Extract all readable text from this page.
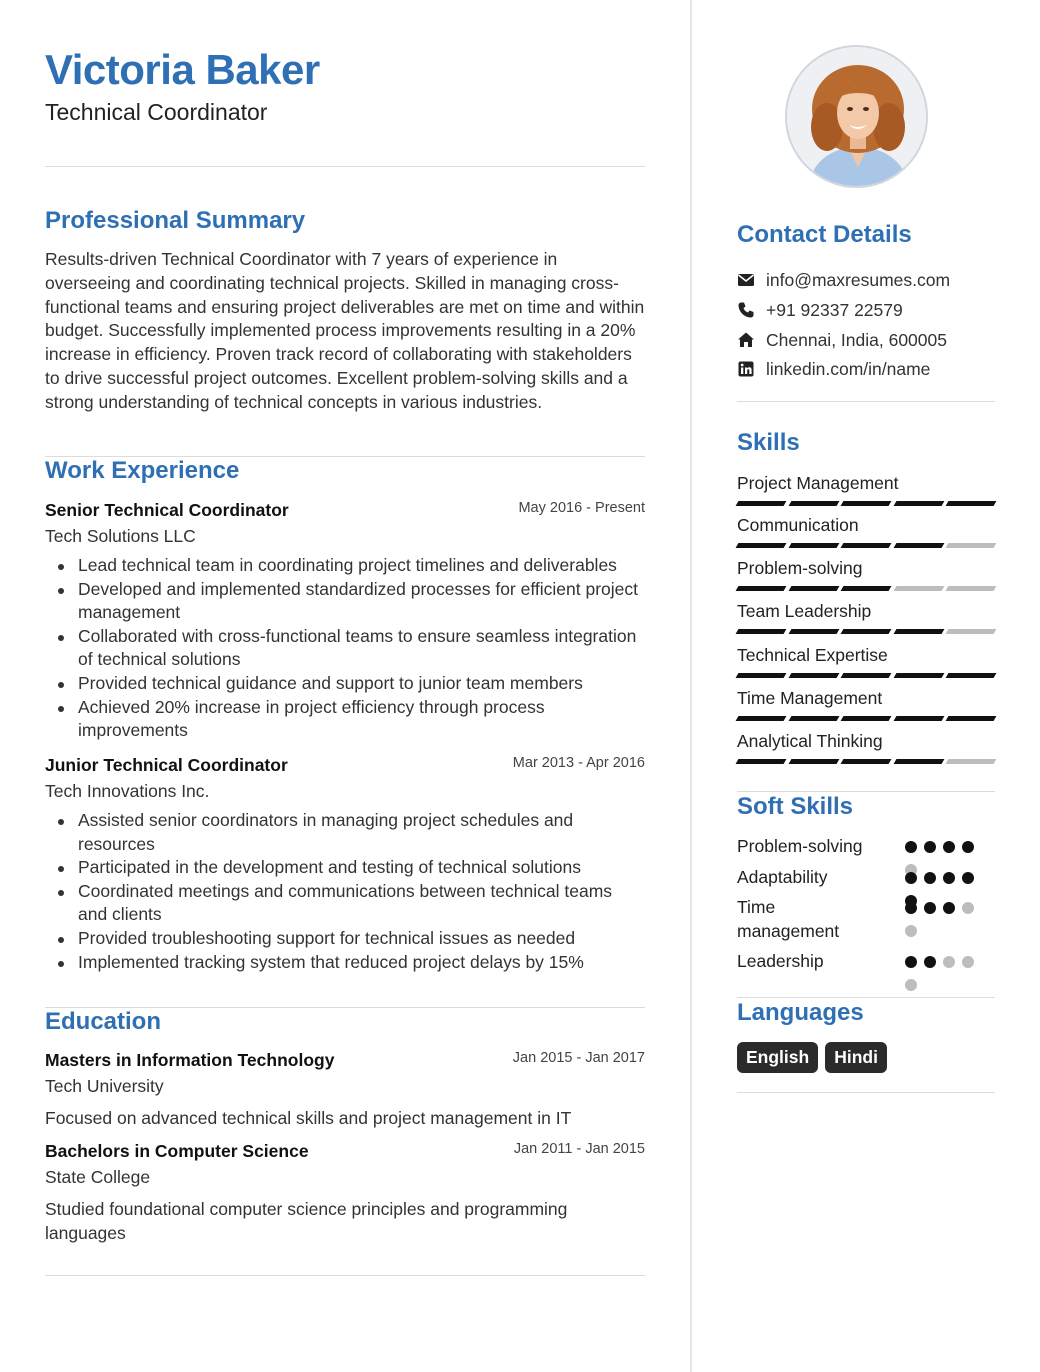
Victoria Baker
Technical Coordinator
Professional Summary
Results-driven Technical Coordinator with 7 years of experience in overseeing and coordinating technical projects. Skilled in managing cross-functional teams and ensuring project deliverables are met on time and within budget. Successfully implemented process improvements resulting in a 20% increase in efficiency. Proven track record of collaborating with stakeholders to drive successful project outcomes. Excellent problem-solving skills and a strong understanding of technical concepts in various industries.
Work Experience
Senior Technical Coordinator	May 2016 - Present
Tech Solutions LLC
Lead technical team in coordinating project timelines and deliverables
Developed and implemented standardized processes for efficient project management
Collaborated with cross-functional teams to ensure seamless integration of technical solutions
Provided technical guidance and support to junior team members
Achieved 20% increase in project efficiency through process improvements
Junior Technical Coordinator	Mar 2013 - Apr 2016
Tech Innovations Inc.
Assisted senior coordinators in managing project schedules and resources
Participated in the development and testing of technical solutions
Coordinated meetings and communications between technical teams and clients
Provided troubleshooting support for technical issues as needed
Implemented tracking system that reduced project delays by 15%
Education
Masters in Information Technology	Jan 2015 - Jan 2017
Tech University
Focused on advanced technical skills and project management in IT
Bachelors in Computer Science	Jan 2011 - Jan 2015
State College
Studied foundational computer science principles and programming languages
Contact Details
info@maxresumes.com
+91 92337 22579
Chennai, India, 600005
linkedin.com/in/name
Skills
Project Management
Communication
Problem-solving
Team Leadership
Technical Expertise
Time Management
Analytical Thinking
Soft Skills
Problem-solving
Adaptability
Time management
Leadership
Languages
English	Hindi
